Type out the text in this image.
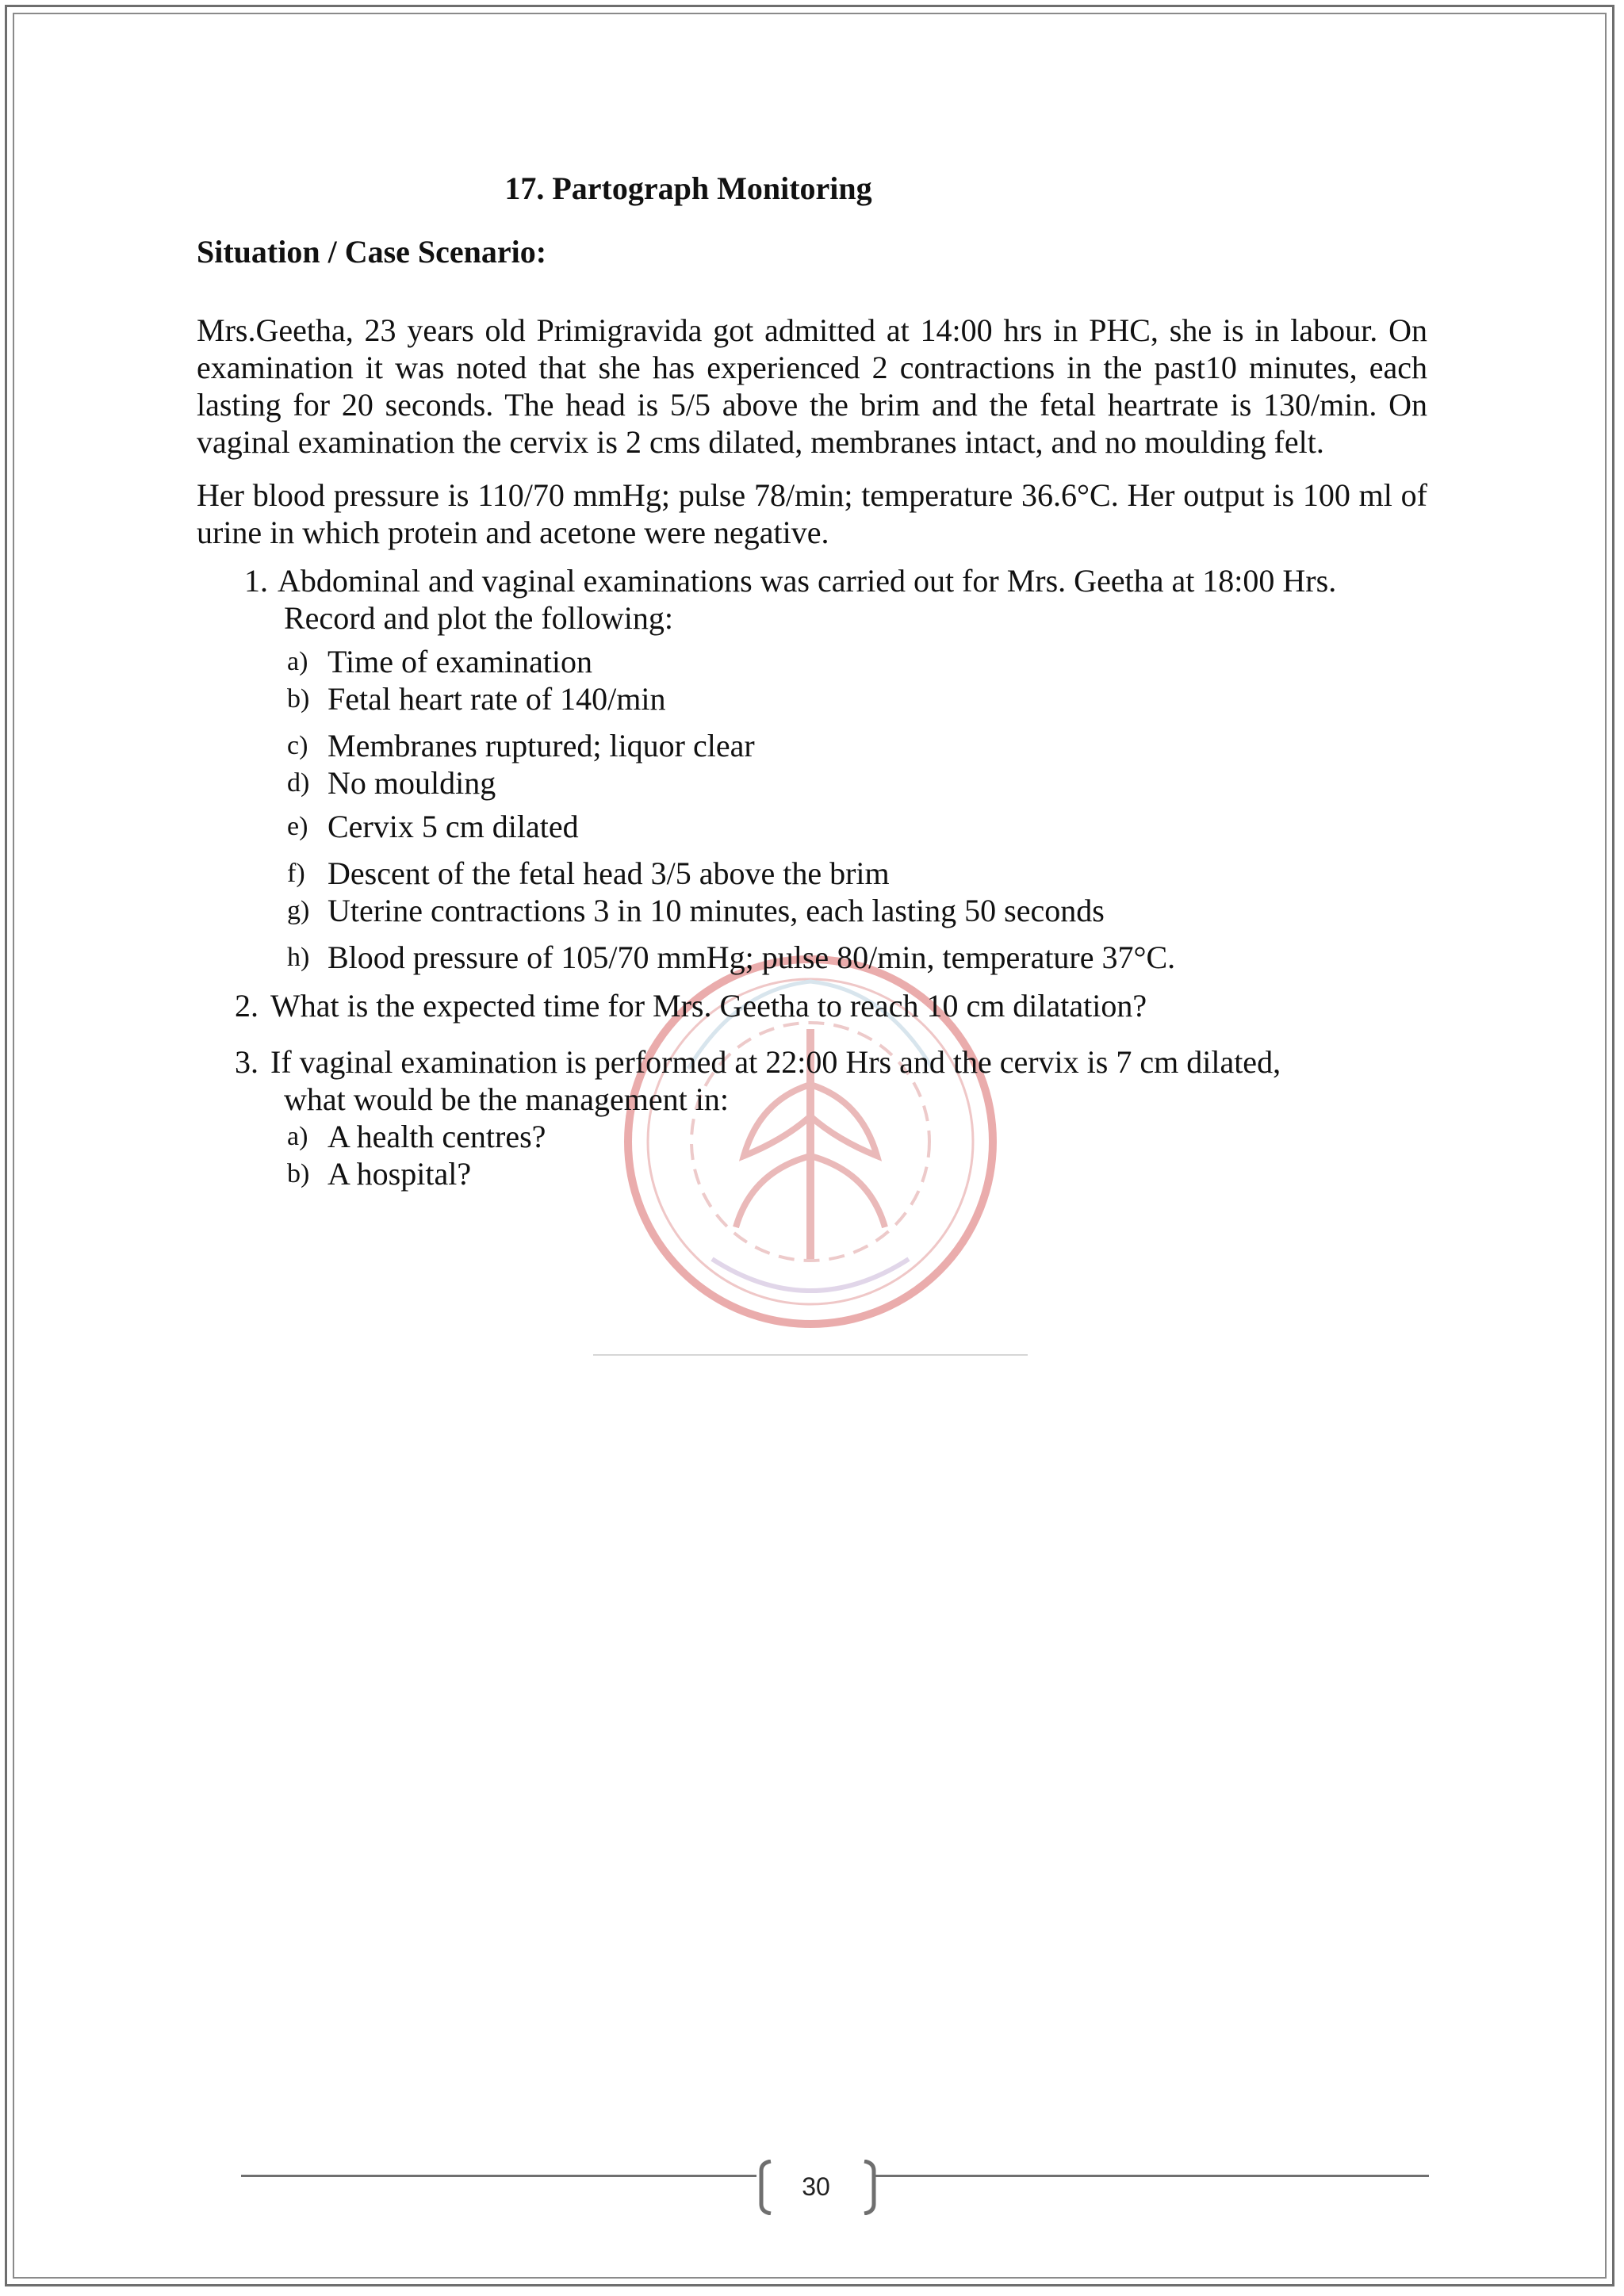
17. Partograph Monitoring
Situation / Case Scenario:

Mrs.Geetha, 23 years old Primigravida got admitted at 14:00 hrs in PHC, she is in labour. On examination it was noted that she has experienced 2 contractions in the past10 minutes, each lasting for 20 seconds. The head is 5/5 above the brim and the fetal heartrate is 130/min. On vaginal examination the cervix is 2 cms dilated, membranes intact, and no moulding felt.

Her blood pressure is 110/70 mmHg; pulse 78/min; temperature 36.6°C. Her output is 100 ml of urine in which protein and acetone were negative.

1. Abdominal and vaginal examinations was carried out for Mrs. Geetha at 18:00 Hrs.
Record and plot the following:
a) Time of examination
b) Fetal heart rate of 140/min
c) Membranes ruptured; liquor clear
d) No moulding
e) Cervix 5 cm dilated
f) Descent of the fetal head 3/5 above the brim
g) Uterine contractions 3 in 10 minutes, each lasting 50 seconds
h) Blood pressure of 105/70 mmHg; pulse 80/min, temperature 37°C.
2. What is the expected time for Mrs. Geetha to reach 10 cm dilatation?
3. If vaginal examination is performed at 22:00 Hrs and the cervix is 7 cm dilated,
what would be the management in:
a) A health centres?
b) A hospital?
30
